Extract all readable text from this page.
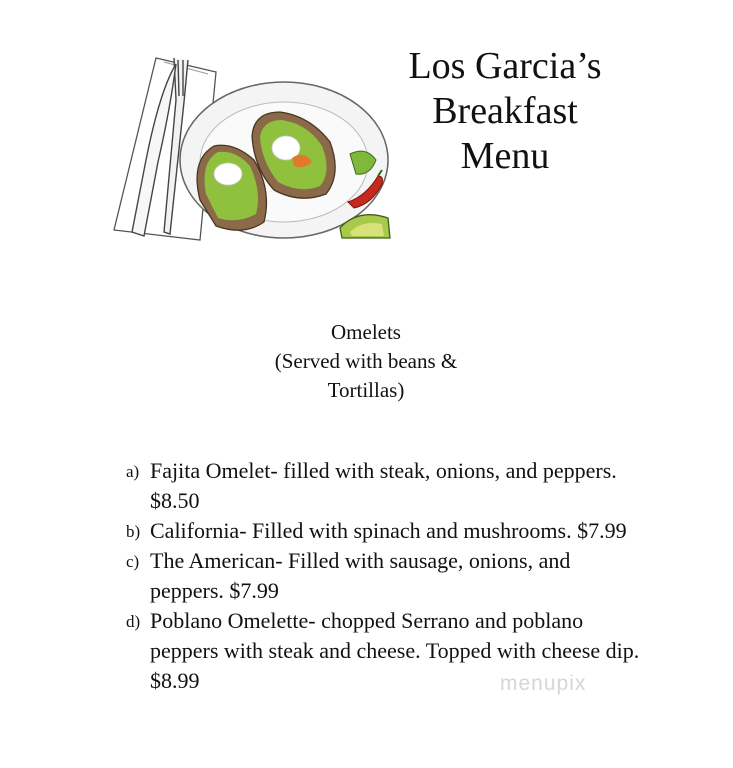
Los Garcia’s
Breakfast
Menu
Omelets
(Served with beans &
Tortillas)
a) Fajita Omelet- filled with steak, onions, and peppers. $8.50
b) California- Filled with spinach and mushrooms. $7.99
c) The American- Filled with sausage, onions, and peppers. $7.99
d) Poblano Omelette- chopped Serrano and poblano peppers with steak and cheese. Topped with cheese dip. $8.99	menupix
